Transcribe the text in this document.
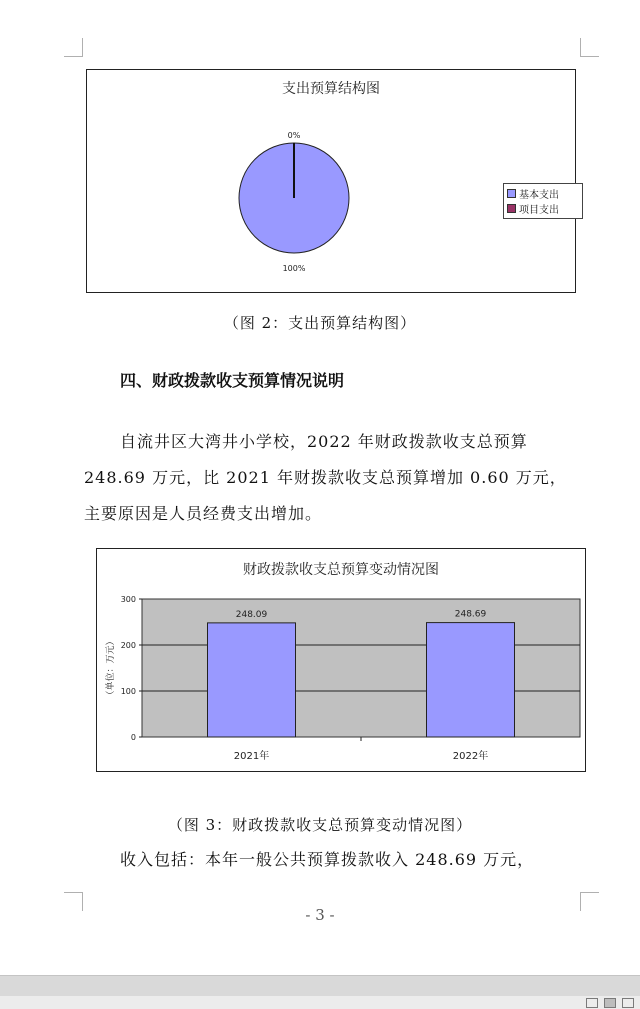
支出预算结构图
0%
100%
基本支出
项目支出
（图 2：支出预算结构图）
四、财政拨款收支预算情况说明

自流井区大湾井小学校，2022 年财政拨款收支总预算

248.69 万元，比 2021 年财拨款收支总预算增加 0.60 万元，

主要原因是人员经费支出增加。

财政拨款收支总预算变动情况图
0
100
200
300
（单位：万元）
248.09
2021年
248.69
2022年
（图 3：财政拨款收支总预算变动情况图）

收入包括：本年一般公共预算拨款收入 248.69 万元，

- 3 -
